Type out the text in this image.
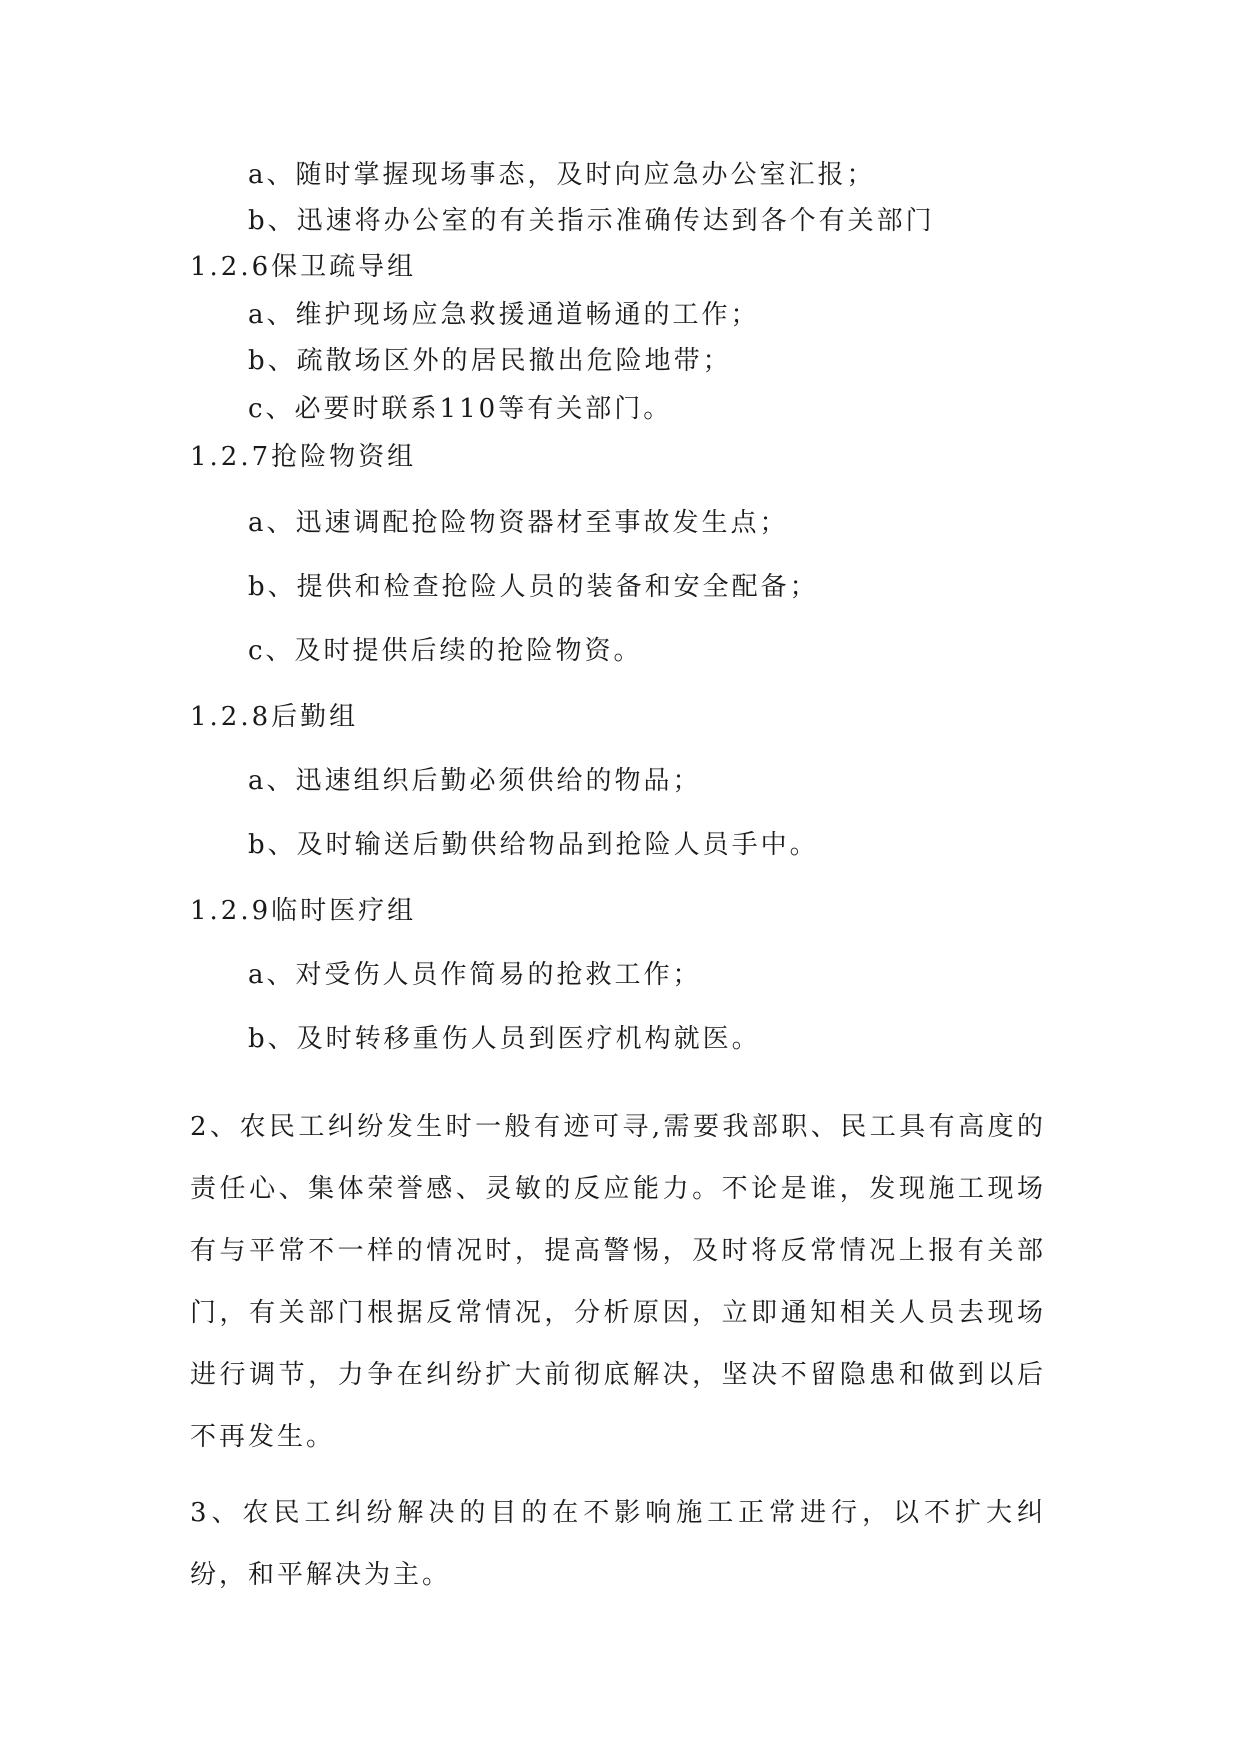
a、随时掌握现场事态，及时向应急办公室汇报；
b、迅速将办公室的有关指示准确传达到各个有关部门
1.2.6保卫疏导组
a、维护现场应急救援通道畅通的工作；
b、疏散场区外的居民撤出危险地带；
c、必要时联系110等有关部门。
1.2.7抢险物资组
a、迅速调配抢险物资器材至事故发生点；
b、提供和检查抢险人员的装备和安全配备；
c、及时提供后续的抢险物资。
1.2.8后勤组
a、迅速组织后勤必须供给的物品；
b、及时输送后勤供给物品到抢险人员手中。
1.2.9临时医疗组
a、对受伤人员作简易的抢救工作；
b、及时转移重伤人员到医疗机构就医。
2、农民工纠纷发生时一般有迹可寻,需要我部职、民工具有高度的责任心、集体荣誉感、灵敏的反应能力。不论是谁，发现施工现场有与平常不一样的情况时，提高警惕，及时将反常情况上报有关部门，有关部门根据反常情况，分析原因，立即通知相关人员去现场进行调节，力争在纠纷扩大前彻底解决，坚决不留隐患和做到以后不再发生。
3、农民工纠纷解决的目的在不影响施工正常进行，以不扩大纠纷，和平解决为主。
